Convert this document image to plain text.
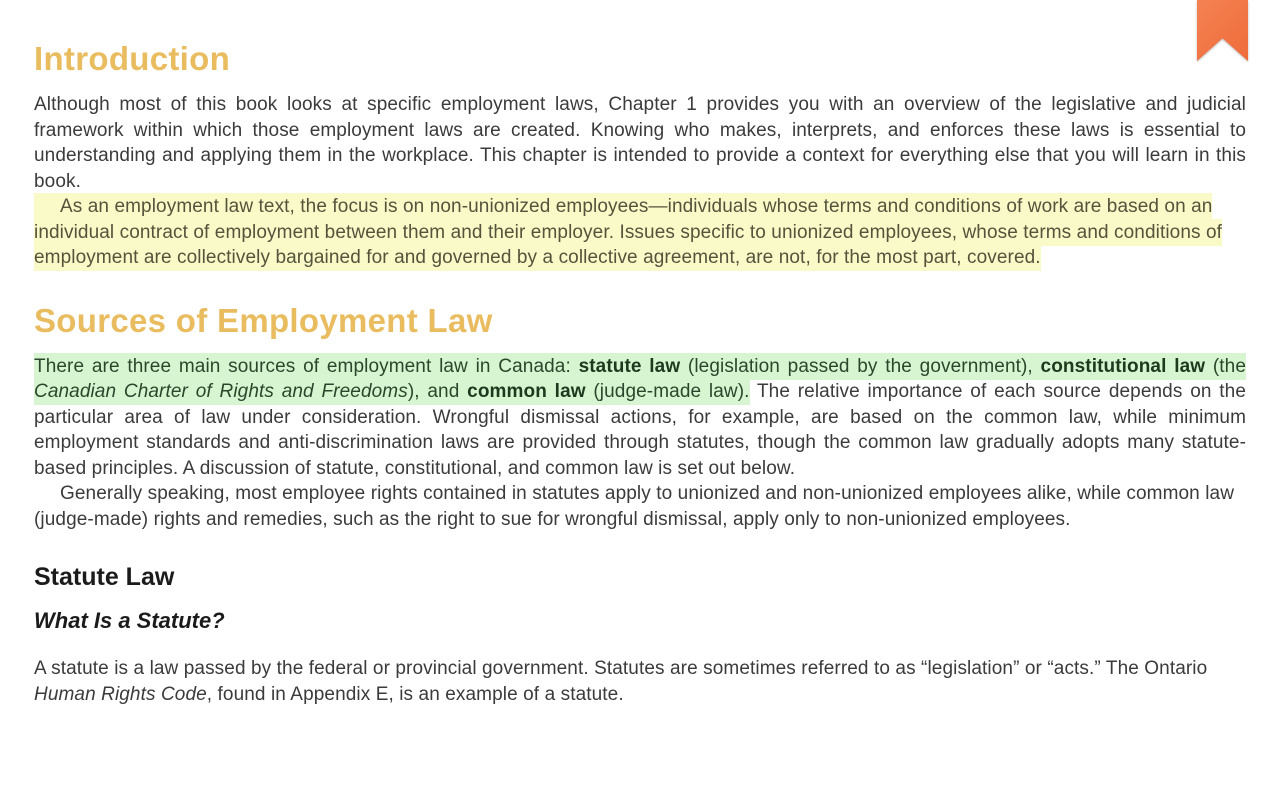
Introduction

Although most of this book looks at specific employment laws, Chapter 1 provides you with an overview of the legislative and judicial framework within which those employment laws are created. Knowing who makes, interprets, and enforces these laws is essential to understanding and applying them in the workplace. This chapter is intended to provide a context for everything else that you will learn in this book.

As an employment law text, the focus is on non-unionized employees—individuals whose terms and conditions of work are based on an individual contract of employment between them and their employer. Issues specific to unionized employees, whose terms and conditions of employment are collectively bargained for and governed by a collective agreement, are not, for the most part, covered.

Sources of Employment Law

There are three main sources of employment law in Canada: statute law (legislation passed by the government), constitutional law (the Canadian Charter of Rights and Freedoms), and common law (judge-made law). The relative importance of each source depends on the particular area of law under consideration. Wrongful dismissal actions, for example, are based on the common law, while minimum employment standards and anti-discrimination laws are provided through statutes, though the common law gradually adopts many statute-based principles. A discussion of statute, constitutional, and common law is set out below.

Generally speaking, most employee rights contained in statutes apply to unionized and non-unionized employees alike, while common law (judge-made) rights and remedies, such as the right to sue for wrongful dismissal, apply only to non-unionized employees.

Statute Law
What Is a Statute?

A statute is a law passed by the federal or provincial government. Statutes are sometimes referred to as “legislation” or “acts.” The Ontario Human Rights Code, found in Appendix E, is an example of a statute.
